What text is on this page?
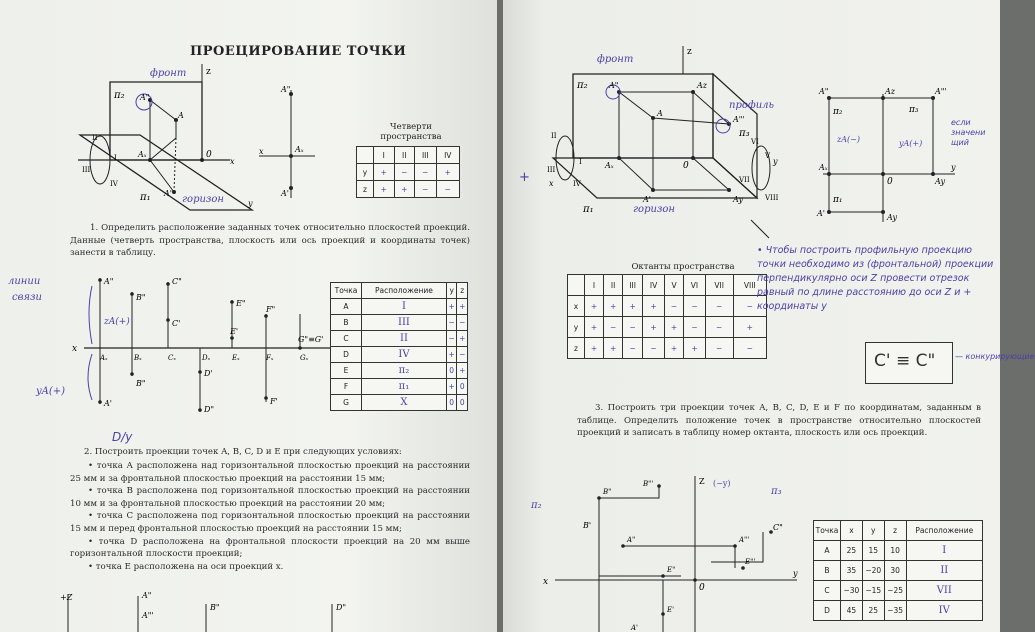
ПРОЕЦИРОВАНИЕ ТОЧКИ
π₂
z
A"
A
Aₓ	0
x
A'
π₁
y
II
I
III
IV
фронт
горизон
A"
Aₓ
A'
x
Четверти
пространства
	I	II	III	IV
y	+	−	−	+
z	+	+	−	−
1. Определить расположение заданных точек относительно плоскостей проекций. Данные (четверть пространства, плоскость или ось проекций и координаты точек) занести в таблицу.
линии
связи
x
A"
B"
C"
C'
E"
E'
F"
G"≡G'
Aₓ	Bₓ	Cₓ	Dₓ	Eₓ	Fₓ	Gₓ
B"
D'
D"
F'
A'
zA(+)
yA(+)
Точка	Расположение	y	z
A	I	+	+
B	III	−	−
C	II	−	+
D	IV	+	−
E	π₂	0	+
F	π₁	+	0
G	X	0	0
D/y
2. Построить проекции точек A, B, C, D и E при следующих условиях:
• точка A расположена над горизонтальной плоскостью проекций на расстоянии 25 мм и за фронтальной плоскостью проекций на расстоянии 15 мм;
• точка B расположена под горизонтальной плоскостью проекций на расстоянии 10 мм и за фронтальной плоскостью проекций на расстоянии 20 мм;
• точка C расположена под горизонтальной плоскостью проекций на расстоянии 15 мм и перед фронтальной плоскостью проекций на расстоянии 15 мм;
• точка D расположена на фронтальной плоскости проекций на 20 мм выше горизонтальной плоскости проекций;
• точка E расположена на оси проекций x.
+Z	A"
A"'
B"	D"
фронт
профиль
горизон
π₂
π₃
π₁
z
A"	Az
A"'
A
Aₓ	0
A'	Ay
y
x
II
I
III
IV
VI
V
VII
VIII
+
A"	Az	A"'
π₂	π₃
zA(−)	yA(+)
Aₓ
0	Ay
y
π₁
A'	Ay
если
значени
щий
Октанты пространства
	I	II	III	IV	V	VI	VII	VIII
x	+	+	+	+	−	−	−	−
y	+	−	−	+	+	−	−	+
z	+	+	−	−	+	+	−	−
• Чтобы построить профильную проекцию точки необходимо из (фронтальной) проекции перпендикулярно оси Z провести отрезок равный по длине расстоянию до оси Z и + координаты y
C' ≡ C" — конкурирующие
3. Построить три проекции точек A, B, C, D, E и F по координатам, заданным в таблице. Определить положение точек в пространстве относительно плоскостей проекций и записать в таблицу номер октанта, плоскость или ось проекций.
π₂
π₃
Z (−y)
B"
B"'
B'
A"	A"'
C"
E"
E"'
E'
x
0
y
A'
Точка	x	y	z	Расположение
A	25	15	10	I
B	35	−20	30	II
C	−30	−15	−25	VII
D	45	25	−35	IV
